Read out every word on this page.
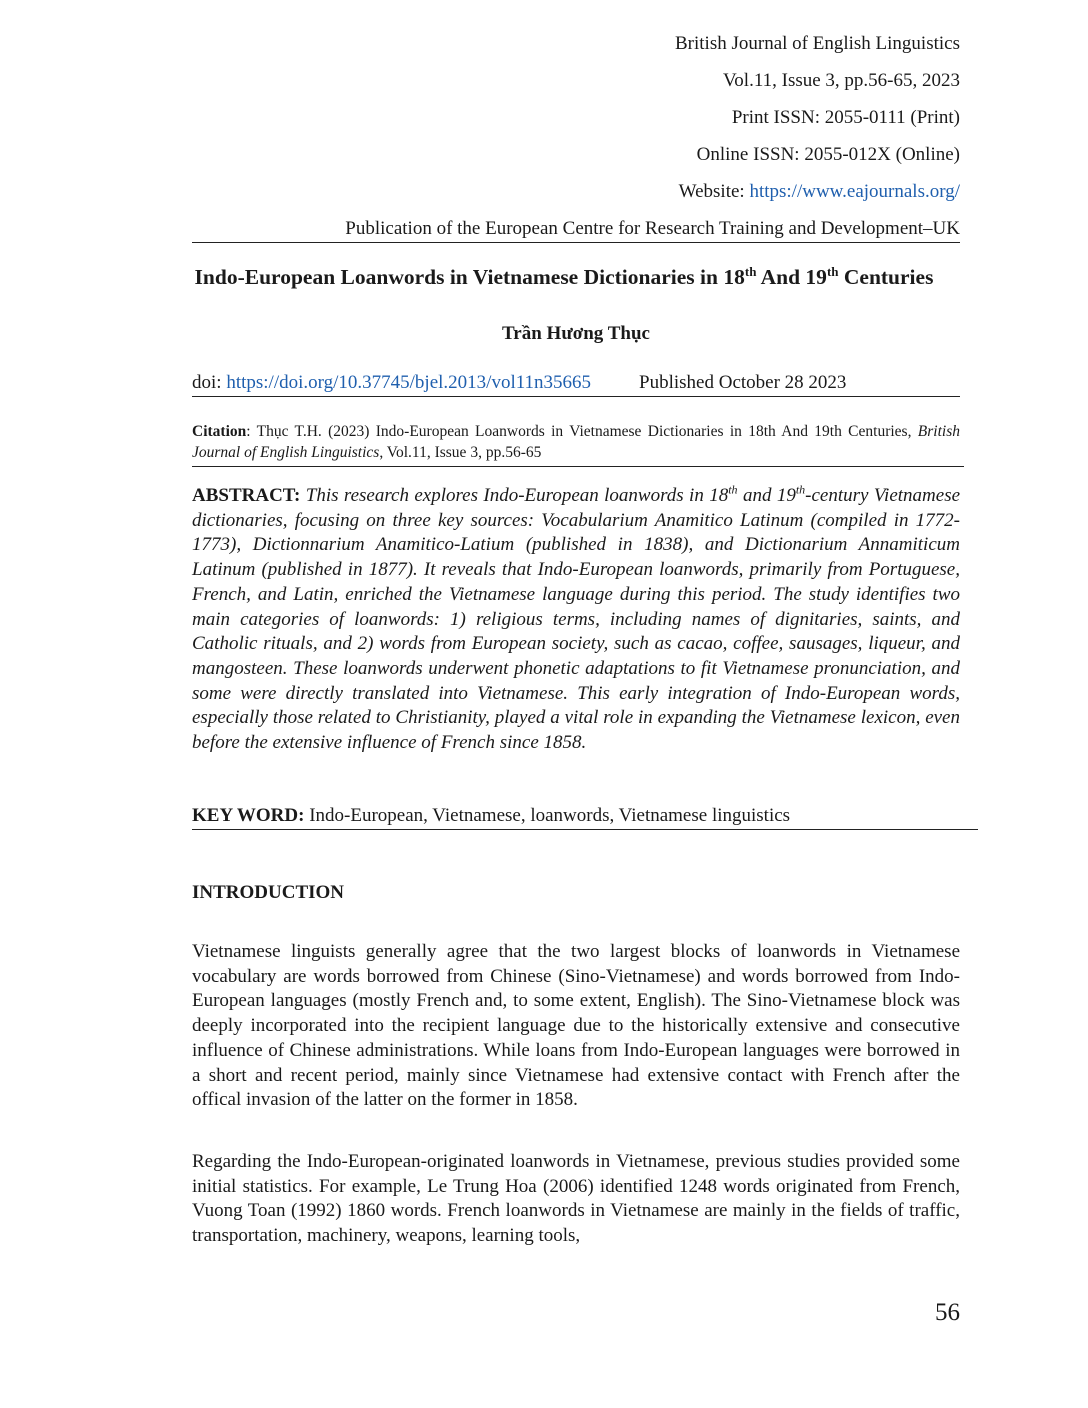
British Journal of English Linguistics
Vol.11, Issue 3, pp.56-65, 2023
Print ISSN: 2055-0111 (Print)
Online ISSN: 2055-012X (Online)
Website: https://www.eajournals.org/
Publication of the European Centre for Research Training and Development–UK
Indo-European Loanwords in Vietnamese Dictionaries in 18th And 19th Centuries
Trần Hương Thục
doi: https://doi.org/10.37745/bjel.2013/vol11n35665	Published October 28 2023
Citation: Thục T.H. (2023) Indo-European Loanwords in Vietnamese Dictionaries in 18th And 19th Centuries, British Journal of English Linguistics, Vol.11, Issue 3, pp.56-65
ABSTRACT: This research explores Indo-European loanwords in 18th and 19th-century Vietnamese dictionaries, focusing on three key sources: Vocabularium Anamitico Latinum (compiled in 1772-1773), Dictionnarium Anamitico-Latium (published in 1838), and Dictionarium Annamiticum Latinum (published in 1877). It reveals that Indo-European loanwords, primarily from Portuguese, French, and Latin, enriched the Vietnamese language during this period. The study identifies two main categories of loanwords: 1) religious terms, including names of dignitaries, saints, and Catholic rituals, and 2) words from European society, such as cacao, coffee, sausages, liqueur, and mangosteen. These loanwords underwent phonetic adaptations to fit Vietnamese pronunciation, and some were directly translated into Vietnamese. This early integration of Indo-European words, especially those related to Christianity, played a vital role in expanding the Vietnamese lexicon, even before the extensive influence of French since 1858.
KEY WORD: Indo-European, Vietnamese, loanwords, Vietnamese linguistics
INTRODUCTION
Vietnamese linguists generally agree that the two largest blocks of loanwords in Vietnamese vocabulary are words borrowed from Chinese (Sino-Vietnamese) and words borrowed from Indo-European languages (mostly French and, to some extent, English). The Sino-Vietnamese block was deeply incorporated into the recipient language due to the historically extensive and consecutive influence of Chinese administrations. While loans from Indo-European languages were borrowed in a short and recent period, mainly since Vietnamese had extensive contact with French after the offical invasion of the latter on the former in 1858.
Regarding the Indo-European-originated loanwords in Vietnamese, previous studies provided some initial statistics. For example, Le Trung Hoa (2006) identified 1248 words originated from French, Vuong Toan (1992) 1860 words. French loanwords in Vietnamese are mainly in the fields of traffic, transportation, machinery, weapons, learning tools,
56
